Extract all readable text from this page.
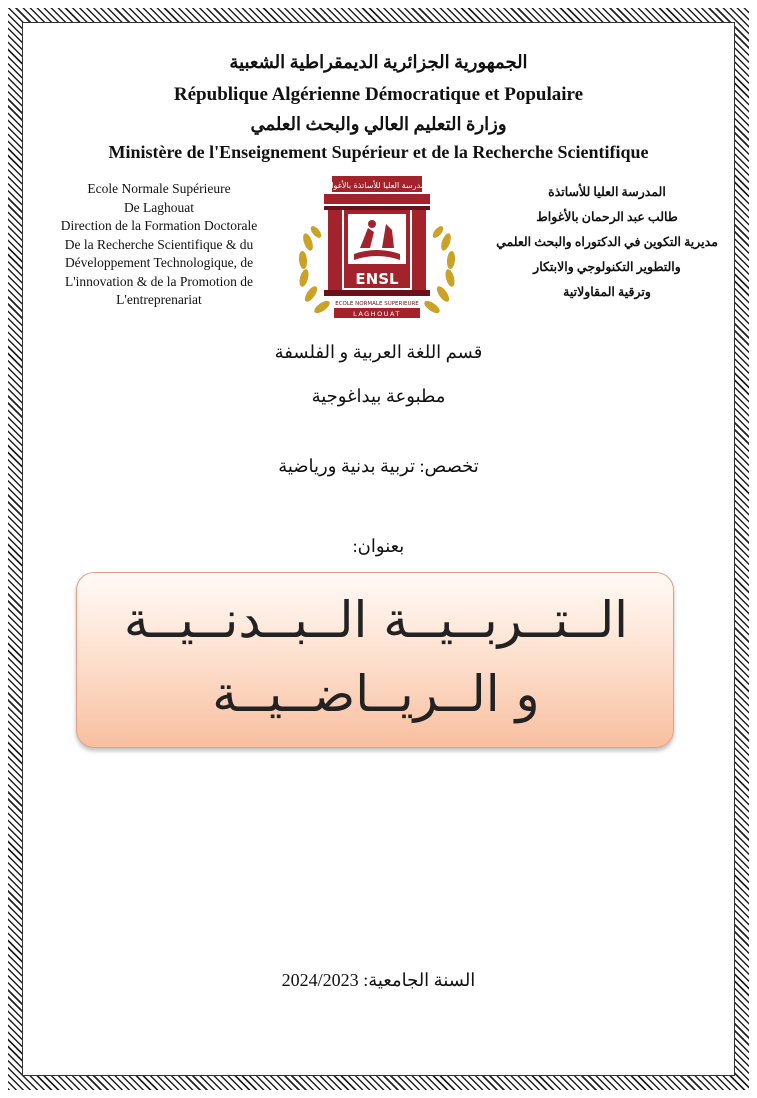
الجمهورية الجزائرية الديمقراطية الشعبية
République Algérienne Démocratique et Populaire
وزارة التعليم العالي والبحث العلمي
Ministère de l'Enseignement Supérieur et de la Recherche Scientifique
Ecole Normale Supérieure
De Laghouat
Direction de la Formation Doctorale
De la Recherche Scientifique & du
Développement Technologique, de
L'innovation & de la Promotion de
L'entreprenariat
المدرسة العليا للأساتذة
طالب عبد الرحمان بالأغواط
مديرية التكوين في الدكتوراه والبحث العلمي
والتطوير التكنولوجي والابتكار
وترقية المقاولاتية
المدرسة العليا للأساتذة بالأغواط
ENSL
ECOLE NORMALE SUPERIEURE
LAGHOUAT
قسم اللغة العربية و الفلسفة
مطبوعة بيداغوجية
تخصص: تربية بدنية ورياضية
بعنوان:
الــتــربــيــة الــبــدنــيــة
و الــريــاضــيــة
السنة الجامعية: 2024/2023
